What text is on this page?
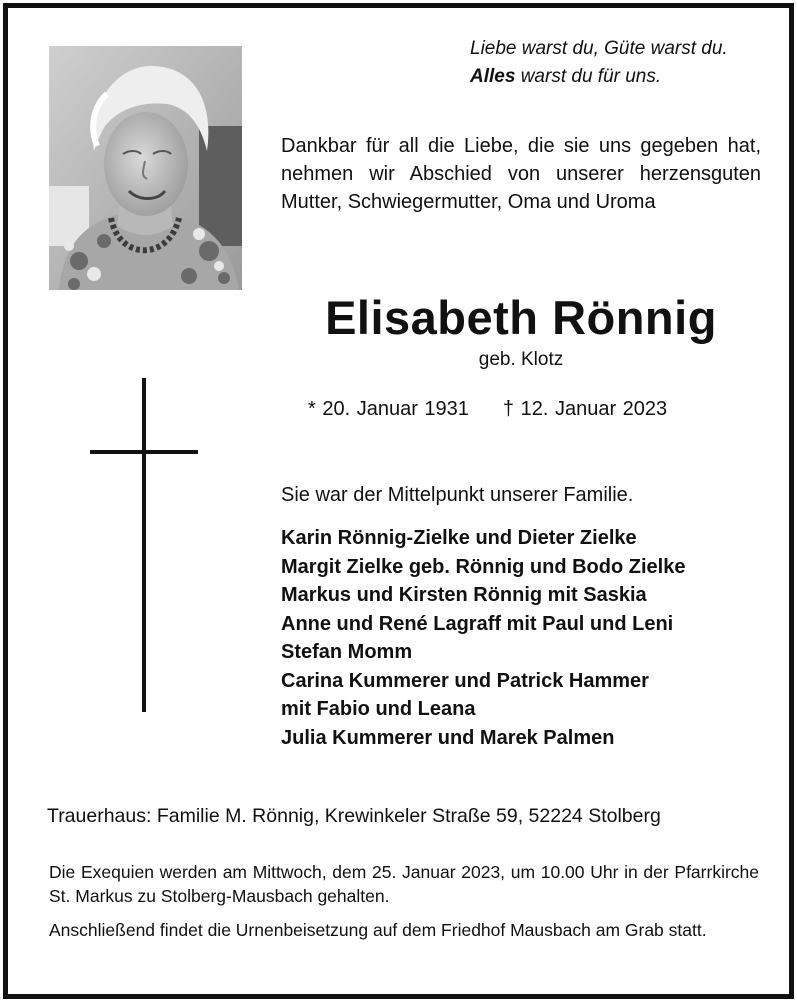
Liebe warst du, Güte warst du.
Alles warst du für uns.
Dankbar für all die Liebe, die sie uns gegeben hat, nehmen wir Abschied von unserer herzensguten Mutter, Schwiegermutter, Oma und Uroma
Elisabeth Rönnig
geb. Klotz
* 20. Januar 1931 † 12. Januar 2023
Sie war der Mittelpunkt unserer Familie.
Karin Rönnig-Zielke und Dieter Zielke
Margit Zielke geb. Rönnig und Bodo Zielke
Markus und Kirsten Rönnig mit Saskia
Anne und René Lagraff mit Paul und Leni
Stefan Momm
Carina Kummerer und Patrick Hammer
mit Fabio und Leana
Julia Kummerer und Marek Palmen
Trauerhaus: Familie M. Rönnig, Krewinkeler Straße 59, 52224 Stolberg
Die Exequien werden am Mittwoch, dem 25. Januar 2023, um 10.00 Uhr in der Pfarrkirche St. Markus zu Stolberg-Mausbach gehalten.
Anschließend findet die Urnenbeisetzung auf dem Friedhof Mausbach am Grab statt.
